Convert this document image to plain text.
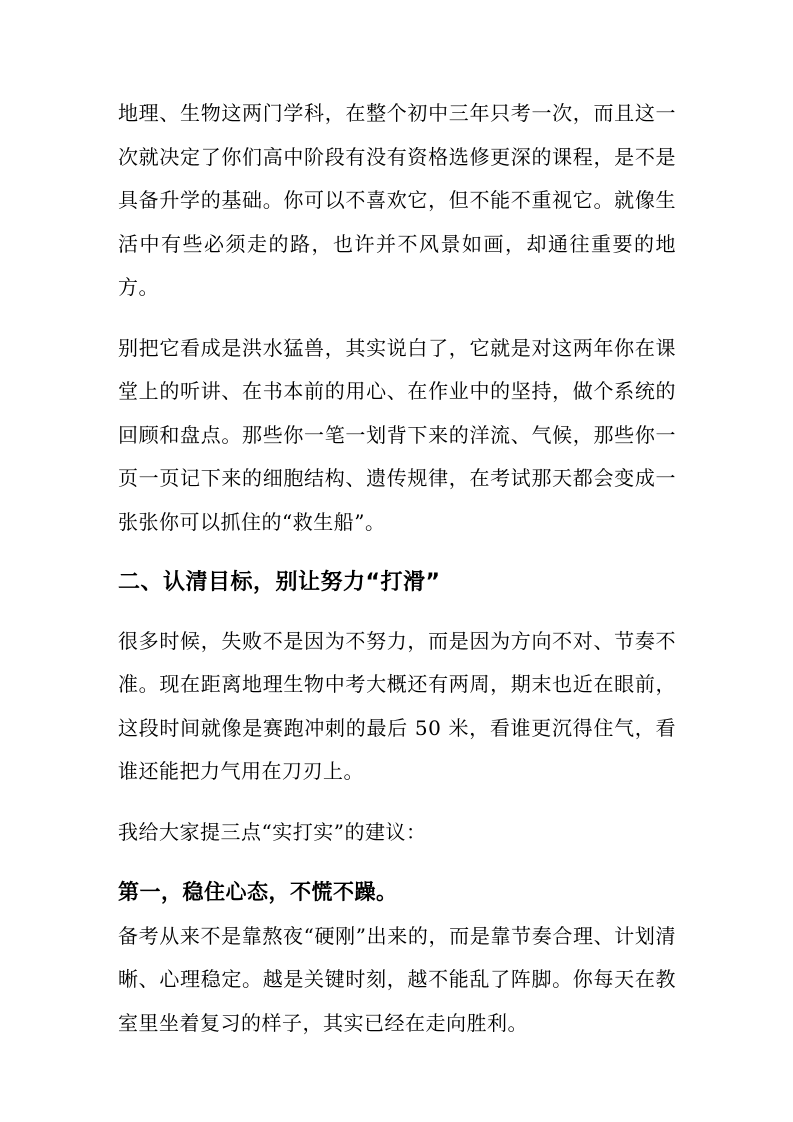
地理、生物这两门学科，在整个初中三年只考一次，而且这一次就决定了你们高中阶段有没有资格选修更深的课程，是不是具备升学的基础。你可以不喜欢它，但不能不重视它。就像生活中有些必须走的路，也许并不风景如画，却通往重要的地方。

别把它看成是洪水猛兽，其实说白了，它就是对这两年你在课堂上的听讲、在书本前的用心、在作业中的坚持，做个系统的回顾和盘点。那些你一笔一划背下来的洋流、气候，那些你一页一页记下来的细胞结构、遗传规律，在考试那天都会变成一张张你可以抓住的“救生船”。

二、认清目标，别让努力“打滑”

很多时候，失败不是因为不努力，而是因为方向不对、节奏不准。现在距离地理生物中考大概还有两周，期末也近在眼前，这段时间就像是赛跑冲刺的最后 50 米，看谁更沉得住气，看谁还能把力气用在刀刃上。

我给大家提三点“实打实”的建议：

第一，稳住心态，不慌不躁。

备考从来不是靠熬夜“硬刚”出来的，而是靠节奏合理、计划清晰、心理稳定。越是关键时刻，越不能乱了阵脚。你每天在教室里坐着复习的样子，其实已经在走向胜利。
